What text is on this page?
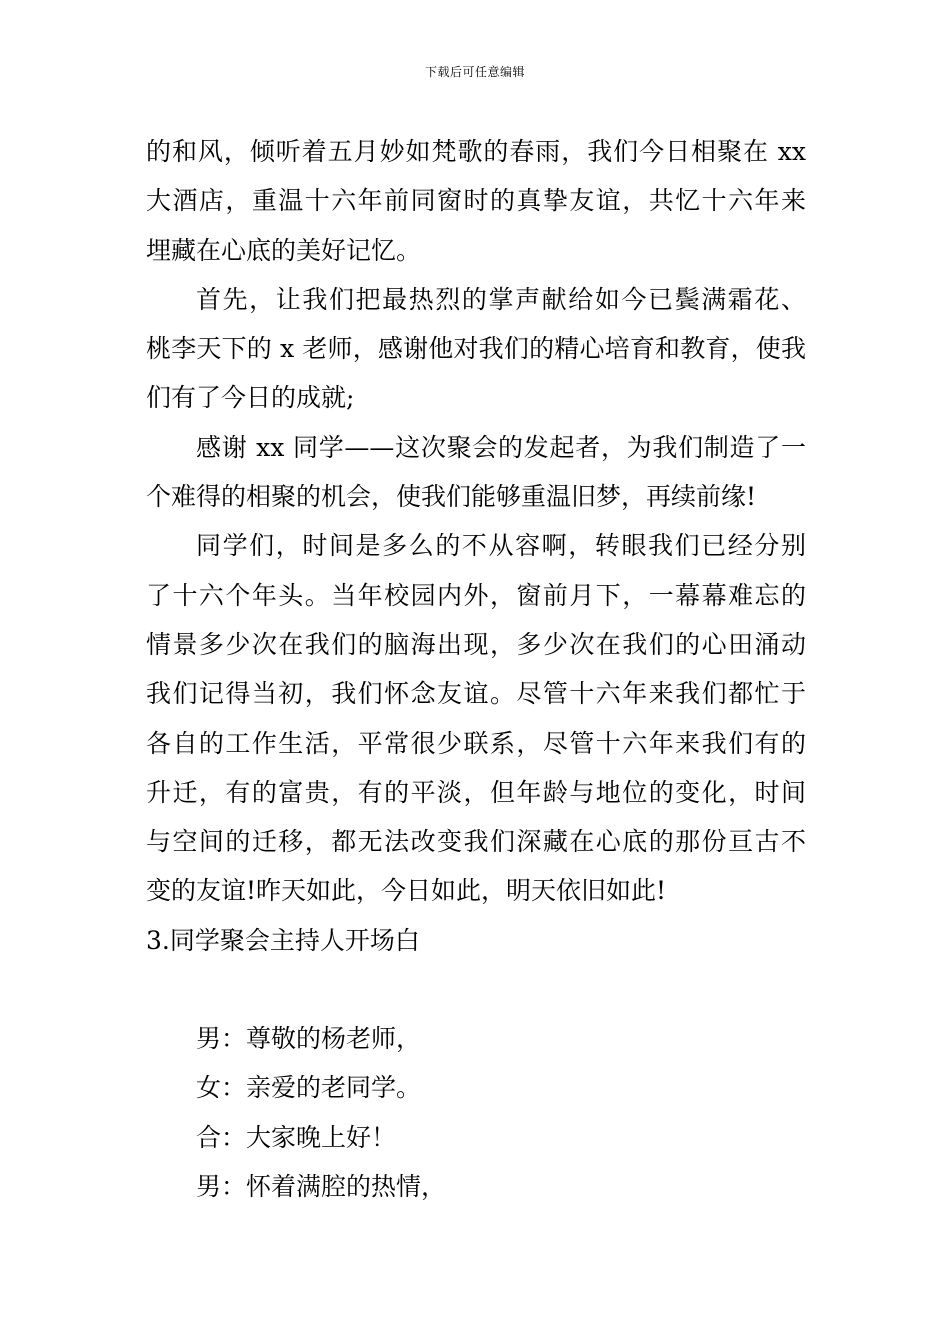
下载后可任意编辑

的和风，倾听着五月妙如梵歌的春雨，我们今日相聚在 xx
大酒店，重温十六年前同窗时的真挚友谊，共忆十六年来
埋藏在心底的美好记忆。

首先，让我们把最热烈的掌声献给如今已鬓满霜花、
桃李天下的 x 老师，感谢他对我们的精心培育和教育，使我
们有了今日的成就;

感谢 xx 同学——这次聚会的发起者，为我们制造了一
个难得的相聚的机会，使我们能够重温旧梦，再续前缘!

同学们，时间是多么的不从容啊，转眼我们已经分别
了十六个年头。当年校园内外，窗前月下，一幕幕难忘的
情景多少次在我们的脑海出现，多少次在我们的心田涌动
我们记得当初，我们怀念友谊。尽管十六年来我们都忙于
各自的工作生活，平常很少联系，尽管十六年来我们有的
升迁，有的富贵，有的平淡，但年龄与地位的变化，时间
与空间的迁移，都无法改变我们深藏在心底的那份亘古不
变的友谊!昨天如此，今日如此，明天依旧如此!

3.同学聚会主持人开场白

男：尊敬的杨老师，
女：亲爱的老同学。
合：大家晚上好！
男：怀着满腔的热情，
